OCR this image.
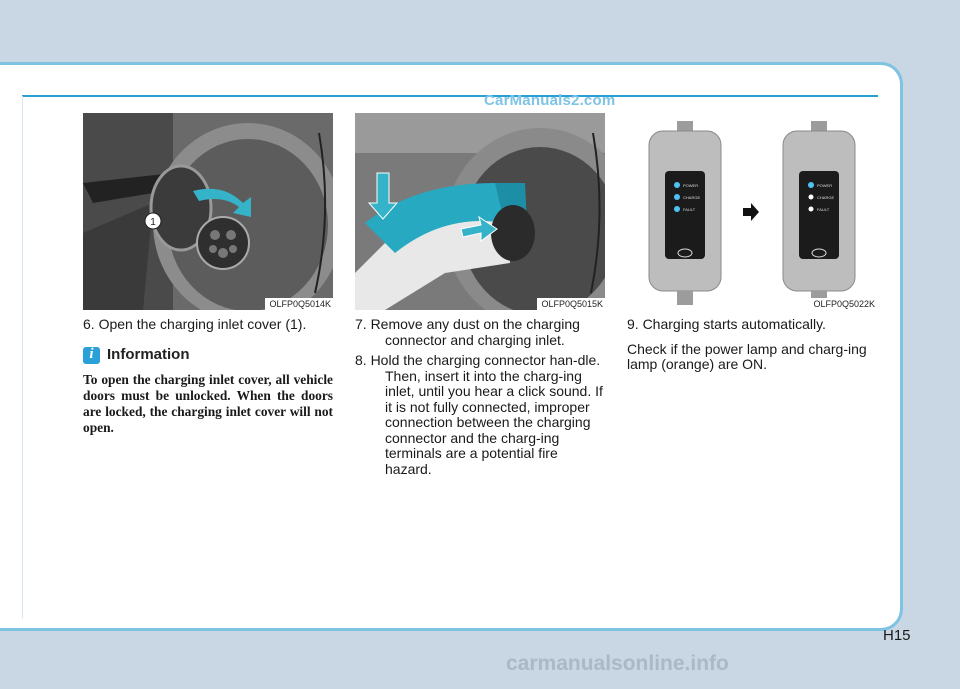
CarManuals2.com
1
OLFP0Q5014K	OLFP0Q5015K
POWER
CHARGE
FAULT
POWER
CHARGE
FAULT
OLFP0Q5022K

6. Open the charging inlet cover (1).

i Information
To open the charging inlet cover, all vehicle doors must be unlocked. When the doors are locked, the charging inlet cover will not open.

7. Remove any dust on the charging connector and charging inlet.

8. Hold the charging connector han-dle. Then, insert it into the charg-ing inlet, until you hear a click sound. If it is not fully connected, improper connection between the charging connector and the charg-ing terminals are a potential fire hazard.

9. Charging starts automatically.

Check if the power lamp and charg-ing lamp (orange) are ON.

H15
carmanualsonline.info
